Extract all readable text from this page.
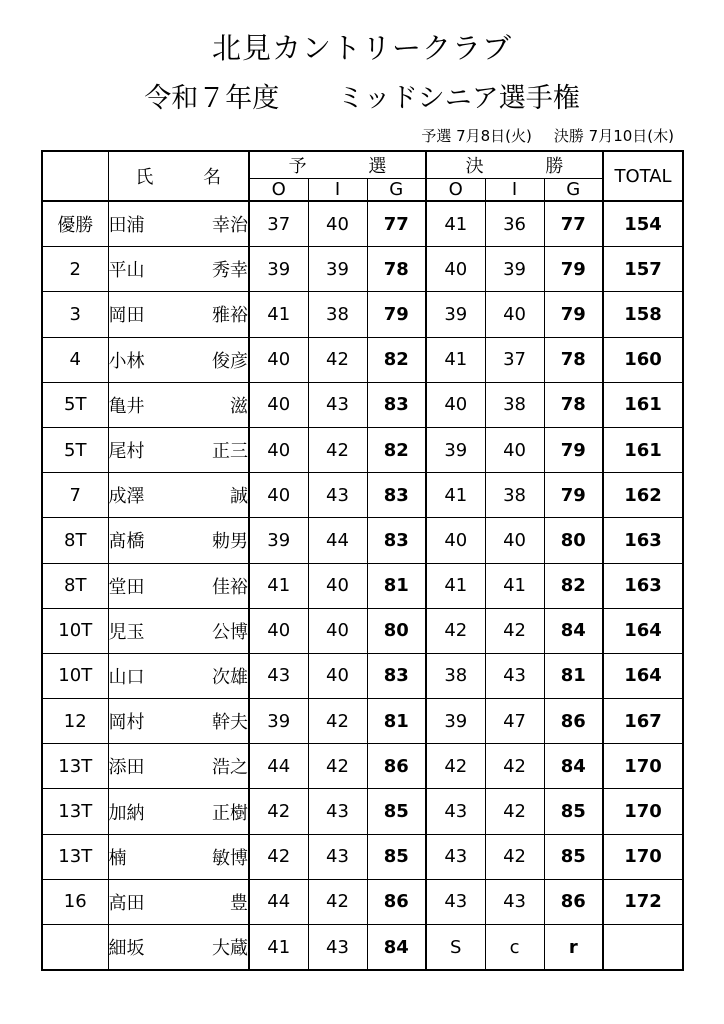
北見カントリークラブ
令和７年度 ミッドシニア選手権
予選 7月8日(火) 決勝 7月10日(木)
	氏 名	予 選			決 勝			TOTAL
		O	I	G	O	I	G	
優勝	田浦 幸治	37	40	77	41	36	77	154
2	平山 秀幸	39	39	78	40	39	79	157
3	岡田 雅裕	41	38	79	39	40	79	158
4	小林 俊彦	40	42	82	41	37	78	160
5T	亀井 滋	40	43	83	40	38	78	161
5T	尾村 正三	40	42	82	39	40	79	161
7	成澤 誠	40	43	83	41	38	79	162
8T	髙橋 勅男	39	44	83	40	40	80	163
8T	堂田 佳裕	41	40	81	41	41	82	163
10T	児玉 公博	40	40	80	42	42	84	164
10T	山口 次雄	43	40	83	38	43	81	164
12	岡村 幹夫	39	42	81	39	47	86	167
13T	添田 浩之	44	42	86	42	42	84	170
13T	加納 正樹	42	43	85	43	42	85	170
13T	楠 敏博	42	43	85	43	42	85	170
16	高田 豊	44	42	86	43	43	86	172

	細坂 大蔵	41	43	84	S	c	r	
